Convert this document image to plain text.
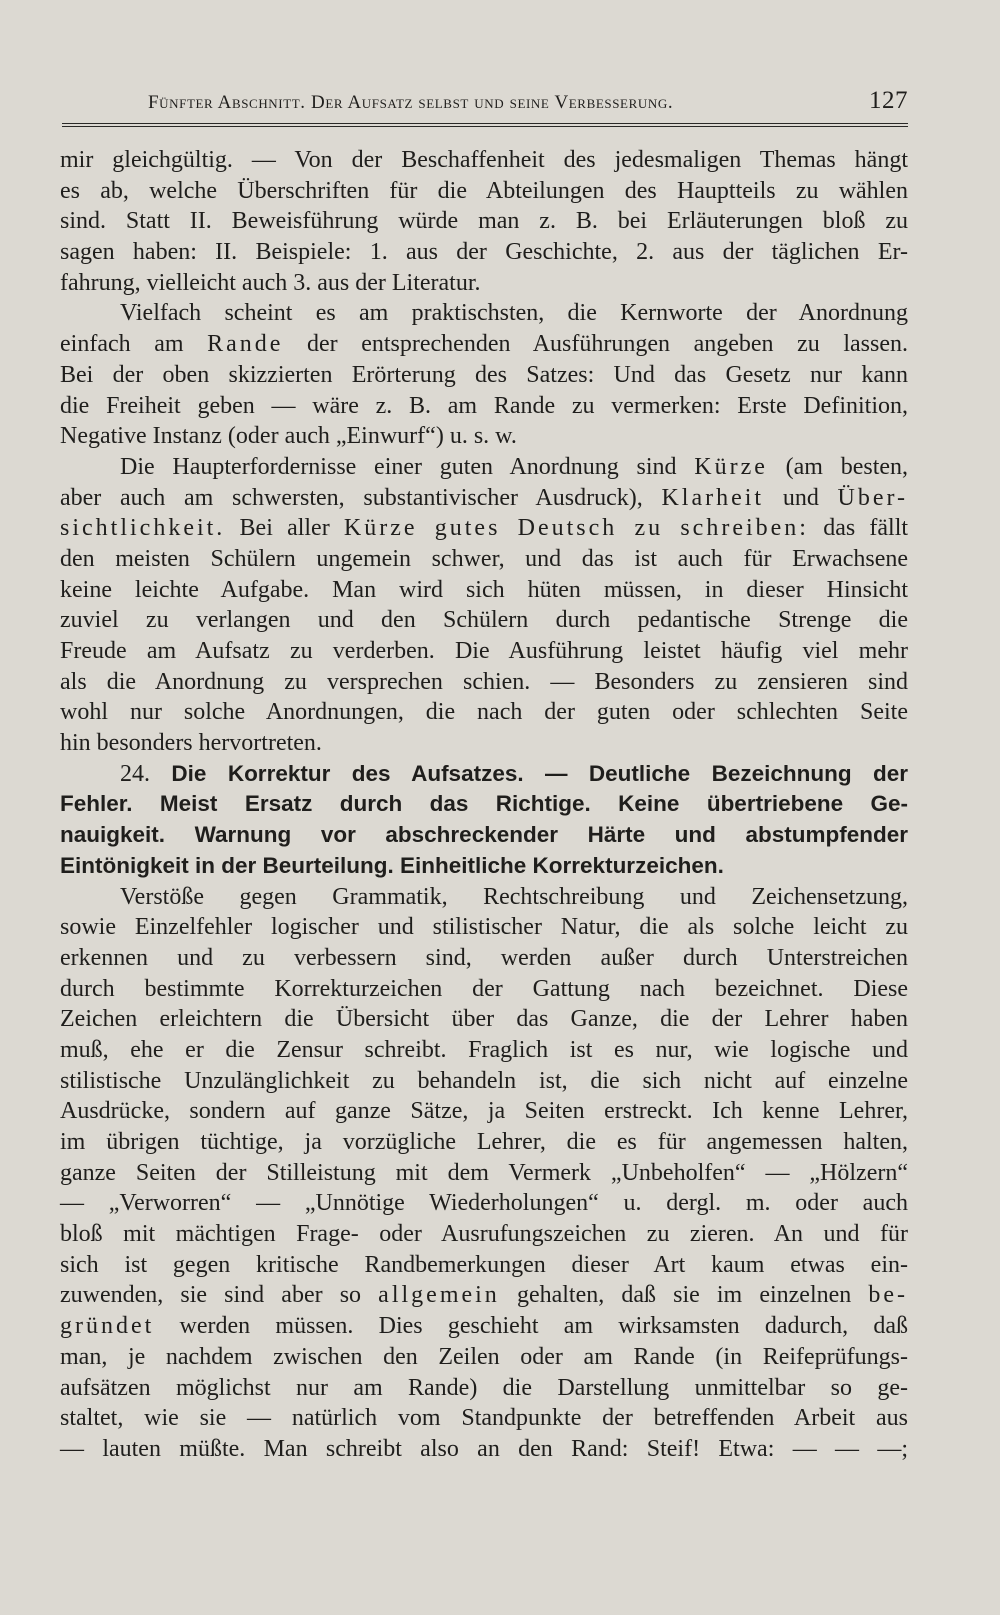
Fünfter Abschnitt. Der Aufsatz selbst und seine Verbesserung.	127
mir gleichgültig. — Von der Beschaffenheit des jedesmaligen Themas hängt
es ab, welche Überschriften für die Abteilungen des Hauptteils zu wählen
sind. Statt II. Beweisführung würde man z. B. bei Erläuterungen bloß zu
sagen haben: II. Beispiele: 1. aus der Geschichte, 2. aus der täglichen Er-
fahrung, vielleicht auch 3. aus der Literatur.
Vielfach scheint es am praktischsten, die Kernworte der Anordnung
einfach am Rande der entsprechenden Ausführungen angeben zu lassen.
Bei der oben skizzierten Erörterung des Satzes: Und das Gesetz nur kann
die Freiheit geben — wäre z. B. am Rande zu vermerken: Erste Definition,
Negative Instanz (oder auch „Einwurf“) u. s. w.
Die Haupterfordernisse einer guten Anordnung sind Kürze (am besten,
aber auch am schwersten, substantivischer Ausdruck), Klarheit und Über-
sichtlichkeit. Bei aller Kürze gutes Deutsch zu schreiben: das fällt
den meisten Schülern ungemein schwer, und das ist auch für Erwachsene
keine leichte Aufgabe. Man wird sich hüten müssen, in dieser Hinsicht
zuviel zu verlangen und den Schülern durch pedantische Strenge die
Freude am Aufsatz zu verderben. Die Ausführung leistet häufig viel mehr
als die Anordnung zu versprechen schien. — Besonders zu zensieren sind
wohl nur solche Anordnungen, die nach der guten oder schlechten Seite
hin besonders hervortreten.
24. Die Korrektur des Aufsatzes. — Deutliche Bezeichnung der
Fehler. Meist Ersatz durch das Richtige. Keine übertriebene Ge-
nauigkeit. Warnung vor abschreckender Härte und abstumpfender
Eintönigkeit in der Beurteilung. Einheitliche Korrekturzeichen.
Verstöße gegen Grammatik, Rechtschreibung und Zeichensetzung,
sowie Einzelfehler logischer und stilistischer Natur, die als solche leicht zu
erkennen und zu verbessern sind, werden außer durch Unterstreichen
durch bestimmte Korrekturzeichen der Gattung nach bezeichnet. Diese
Zeichen erleichtern die Übersicht über das Ganze, die der Lehrer haben
muß, ehe er die Zensur schreibt. Fraglich ist es nur, wie logische und
stilistische Unzulänglichkeit zu behandeln ist, die sich nicht auf einzelne
Ausdrücke, sondern auf ganze Sätze, ja Seiten erstreckt. Ich kenne Lehrer,
im übrigen tüchtige, ja vorzügliche Lehrer, die es für angemessen halten,
ganze Seiten der Stilleistung mit dem Vermerk „Unbeholfen“ — „Hölzern“
— „Verworren“ — „Unnötige Wiederholungen“ u. dergl. m. oder auch
bloß mit mächtigen Frage- oder Ausrufungszeichen zu zieren. An und für
sich ist gegen kritische Randbemerkungen dieser Art kaum etwas ein-
zuwenden, sie sind aber so allgemein gehalten, daß sie im einzelnen be-
gründet werden müssen. Dies geschieht am wirksamsten dadurch, daß
man, je nachdem zwischen den Zeilen oder am Rande (in Reifeprüfungs-
aufsätzen möglichst nur am Rande) die Darstellung unmittelbar so ge-
staltet, wie sie — natürlich vom Standpunkte der betreffenden Arbeit aus
— lauten müßte. Man schreibt also an den Rand: Steif! Etwa: — — —;
